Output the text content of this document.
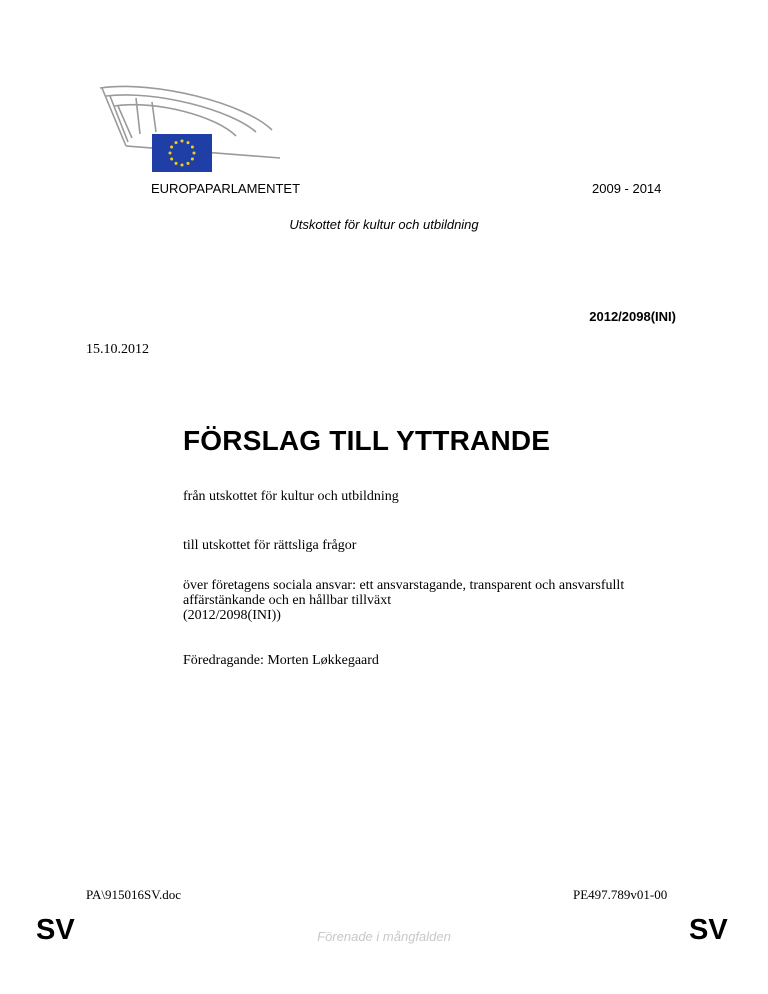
EUROPAPARLAMENTET	2009 - 2014
Utskottet för kultur och utbildning
2012/2098(INI)
15.10.2012
FÖRSLAG TILL YTTRANDE
från utskottet för kultur och utbildning
till utskottet för rättsliga frågor
över företagens sociala ansvar: ett ansvarstagande, transparent och ansvarsfullt
affärstänkande och en hållbar tillväxt
(2012/2098(INI))
Föredragande: Morten Løkkegaard
PA\915016SV.doc	PE497.789v01-00
SV	Förenade i mångfalden	SV
